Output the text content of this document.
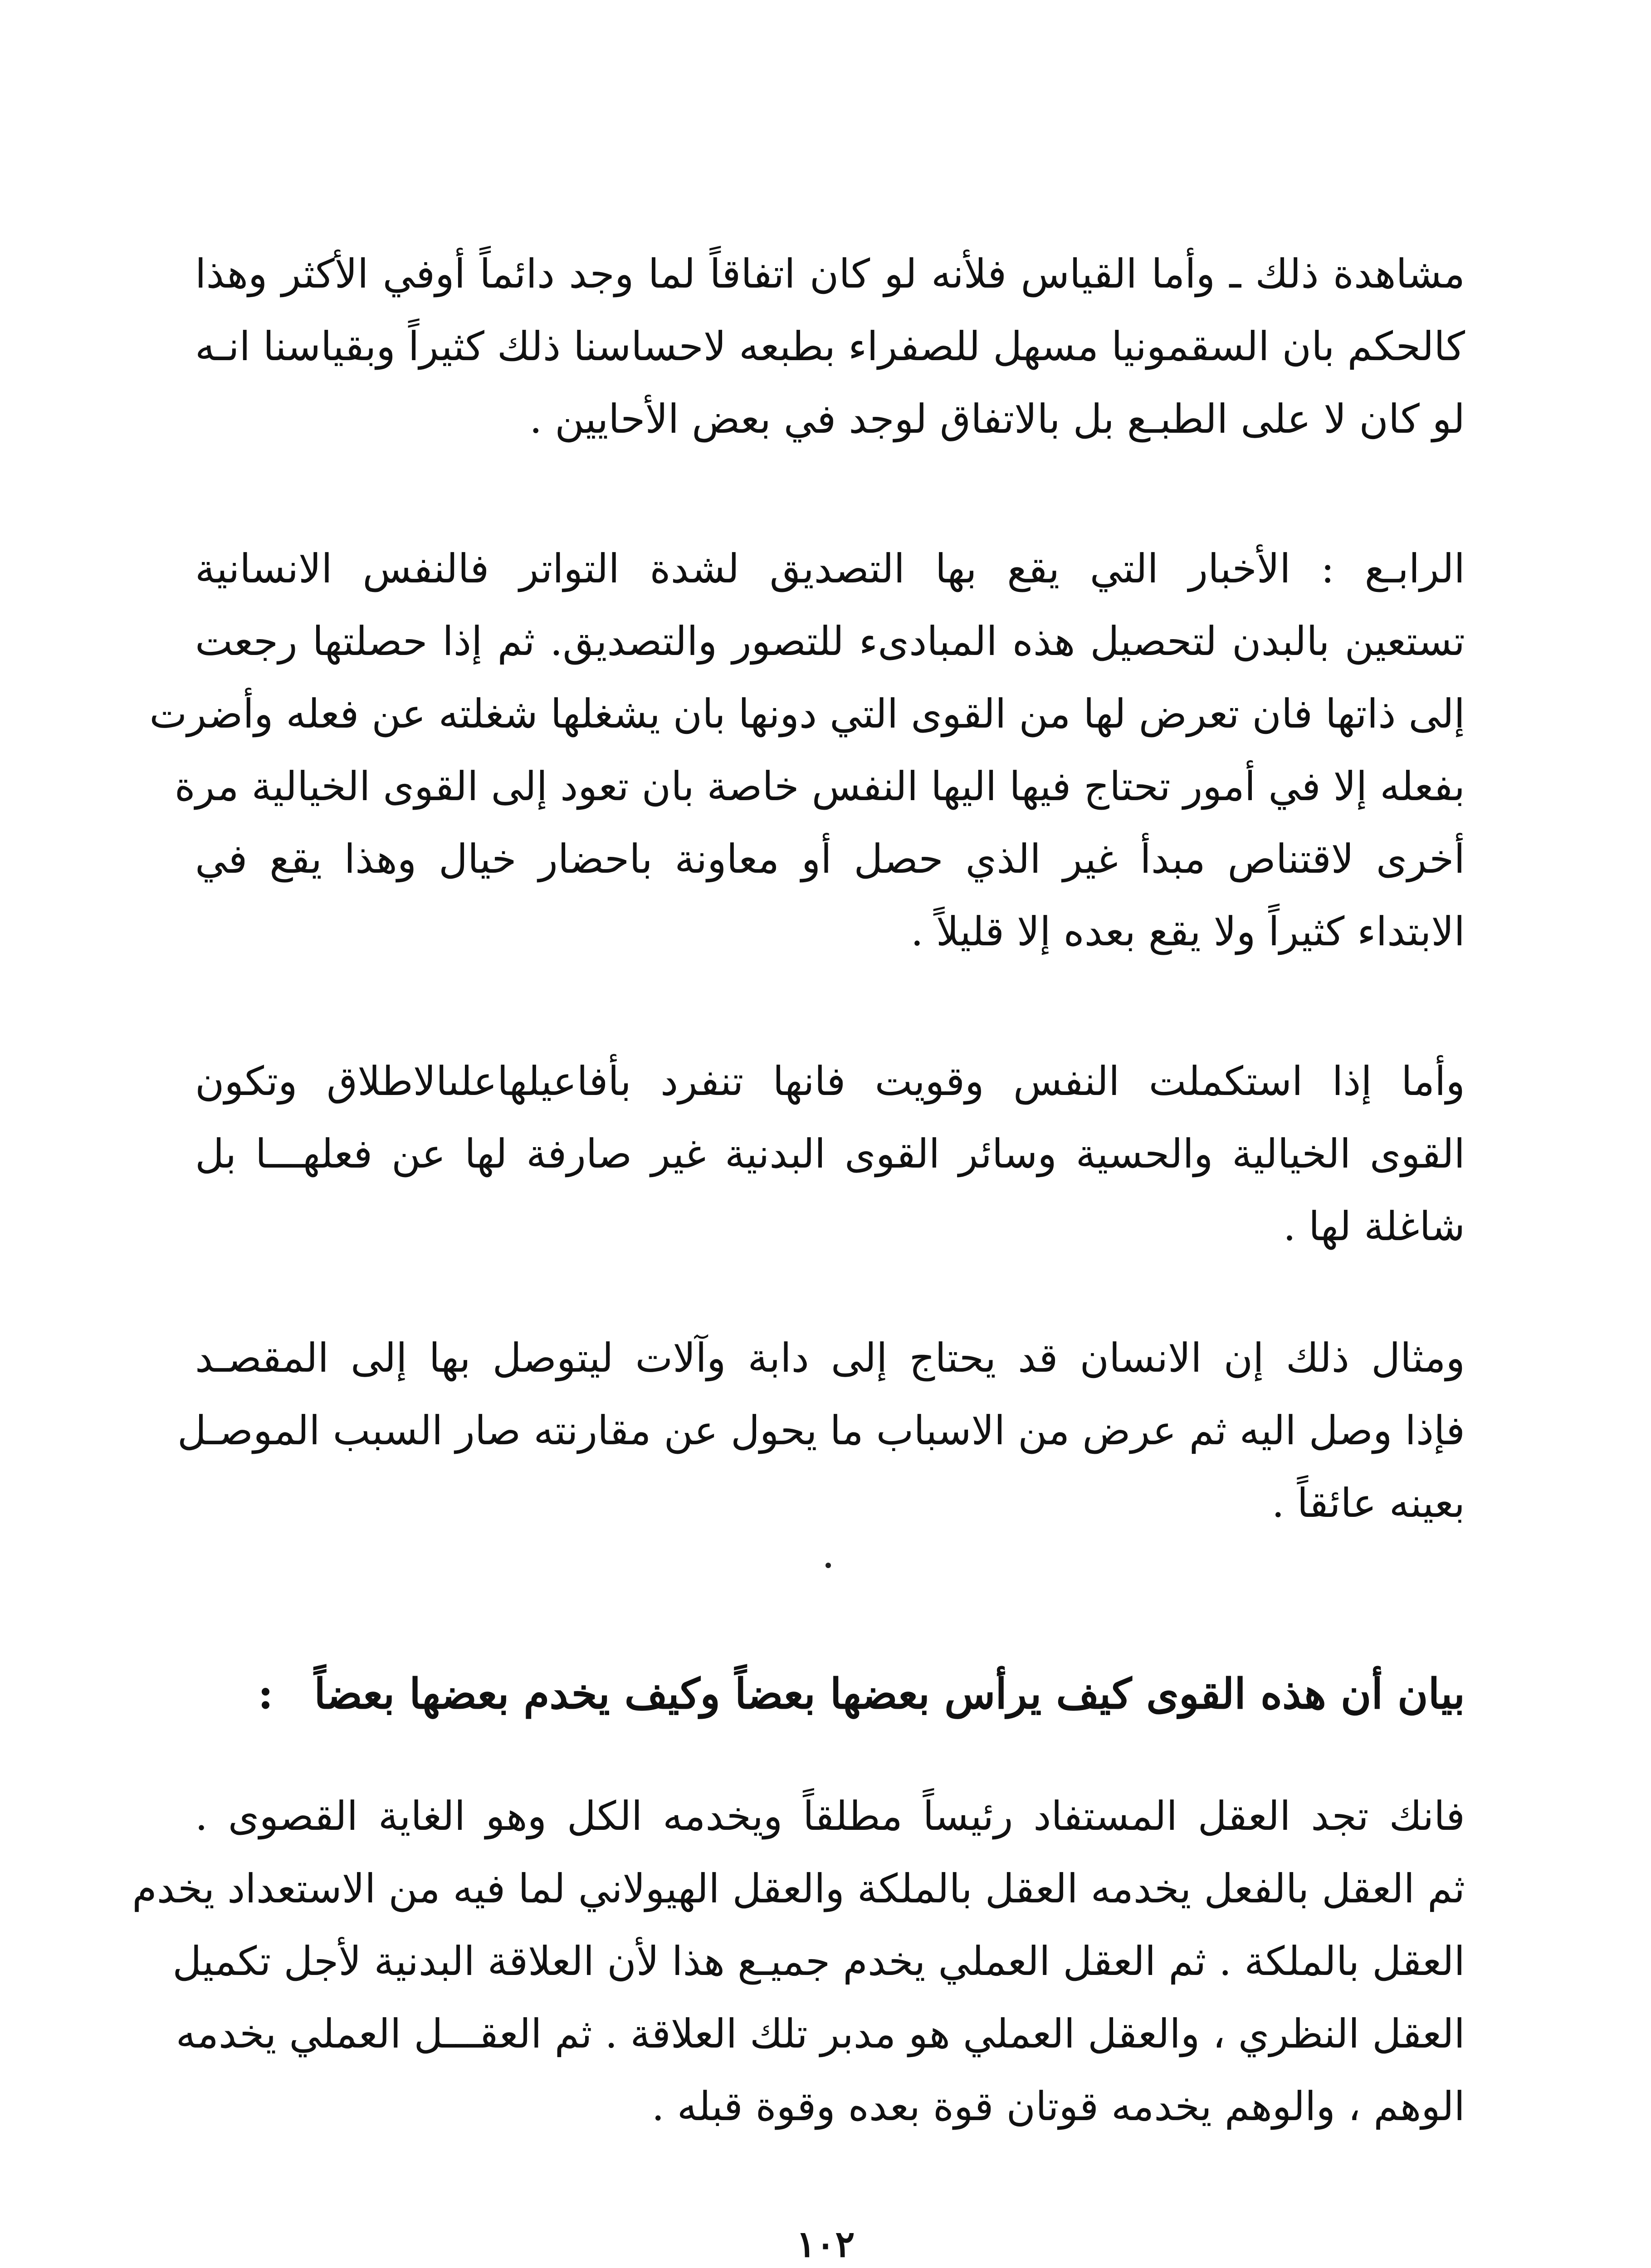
مشاهدة ذلك ـ وأما القياس فلأنه لو كان اتفاقاً لما وجد دائماً أوفي الأكثر وهذا
كالحكم بان السقمونيا مسهل للصفراء بطبعه لاحساسنا ذلك كثيراً وبقياسنا انـه
لو كان لا على الطبـع بل بالاتفاق لوجد في بعض الأحايين .
الرابـع : الأخبار التي يقع بها التصديق لشدة التواتر فالنفس الانسانية
تستعين بالبدن لتحصيل هذه المبادىء للتصور والتصديق. ثم إذا حصلتها رجعت
إلى ذاتها فان تعرض لها من القوى التي دونها بان يشغلها شغلته عن فعله وأضرت
بفعله إلا في أمور تحتاج فيها اليها النفس خاصة بان تعود إلى القوى الخيالية مرة
أخرى لاقتناص مبدأ غير الذي حصل أو معاونة باحضار خيال وهذا يقع في
الابتداء كثيراً ولا يقع بعده إلا قليلاً .
وأما إذا استكملت النفس وقويت فانها تنفرد بأفاعيلهاعلىالاطلاق وتكون
القوى الخيالية والحسية وسائر القوى البدنية غير صارفة لها عن فعلهـــا بل
شاغلة لها .
ومثال ذلك إن الانسان قد يحتاج إلى دابة وآلات ليتوصل بها إلى المقصـد
فإذا وصل اليه ثم عرض من الاسباب ما يحول عن مقارنته صار السبب الموصـل
بعينه عائقاً .
بيان أن هذه القوى كيف يرأس بعضها بعضاً وكيف يخدم بعضها بعضاً:
فانك تجد العقل المستفاد رئيساً مطلقاً ويخدمه الكل وهو الغاية القصوى .
ثم العقل بالفعل يخدمه العقل بالملكة والعقل الهيولاني لما فيه من الاستعداد يخدم
العقل بالملكة . ثم العقل العملي يخدم جميـع هذا لأن العلاقة البدنية لأجل تكميل
العقل النظري ، والعقل العملي هو مدبر تلك العلاقة . ثم العقـــل العملي يخدمه
الوهم ، والوهم يخدمه قوتان قوة بعده وقوة قبله .
١٠٢
